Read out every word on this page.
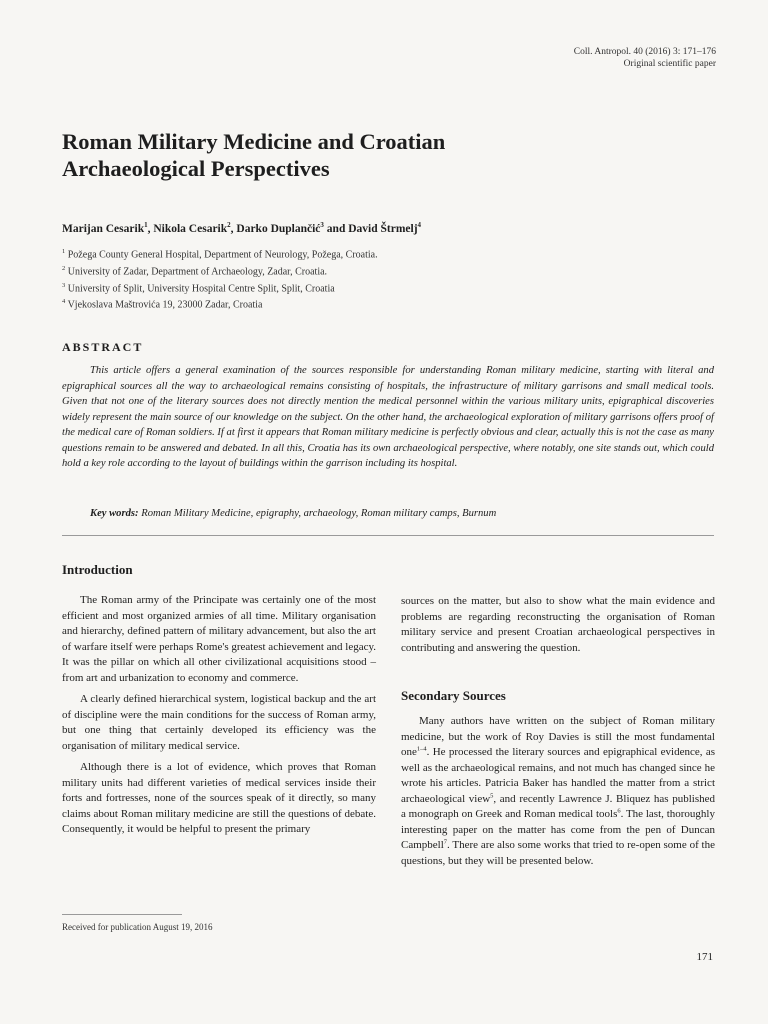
Coll. Antropol. 40 (2016) 3: 171–176
Original scientific paper
Roman Military Medicine and Croatian
Archaeological Perspectives
Marijan Cesarik$^1$, Nikola Cesarik$^2$, Darko Duplančić$^3$ and David Štrmelj$^4$
$^1$ Požega County General Hospital, Department of Neurology, Požega, Croatia.
$^2$ University of Zadar, Department of Archaeology, Zadar, Croatia.
$^3$ University of Split, University Hospital Centre Split, Split, Croatia
$^4$ Vjekoslava Maštrovića 19, 23000 Zadar, Croatia
ABSTRACT

This article offers a general examination of the sources responsible for understanding Roman military medicine, starting with literal and epigraphical sources all the way to archaeological remains consisting of hospitals, the infrastructure of military garrisons and small medical tools. Given that not one of the literary sources does not directly mention the medical personnel within the various military units, epigraphical discoveries widely represent the main source of our knowledge on the subject. On the other hand, the archaeological exploration of military garrisons offers proof of the medical care of Roman soldiers. If at first it appears that Roman military medicine is perfectly obvious and clear, actually this is not the case as many questions remain to be answered and debated. In all this, Croatia has its own archaeological perspective, where notably, one site stands out, which could hold a key role according to the layout of buildings within the garrison including its hospital.

Key words: Roman Military Medicine, epigraphy, archaeology, Roman military camps, Burnum
Introduction

The Roman army of the Principate was certainly one of the most efficient and most organized armies of all time. Military organisation and hierarchy, defined pattern of military advancement, but also the art of warfare itself were perhaps Rome's greatest achievement and legacy. It was the pillar on which all other civilizational acquisitions stood – from art and urbanization to economy and commerce.

A clearly defined hierarchical system, logistical backup and the art of discipline were the main conditions for the success of Roman army, but one thing that certainly developed its efficiency was the organisation of military medical service.

Although there is a lot of evidence, which proves that Roman military units had different varieties of medical services inside their forts and fortresses, none of the sources speak of it directly, so many claims about Roman military medicine are still the questions of debate. Consequently, it would be helpful to present the primary

sources on the matter, but also to show what the main evidence and problems are regarding reconstructing the organisation of Roman military service and present Croatian archaeological perspectives in contributing and answering the question.

Secondary Sources

Many authors have written on the subject of Roman military medicine, but the work of Roy Davies is still the most fundamental one$^{1-4}$. He processed the literary sources and epigraphical evidence, as well as the archaeological remains, and not much has changed since he wrote his articles. Patricia Baker has handled the matter from a strict archaeological view$^5$, and recently Lawrence J. Bliquez has published a monograph on Greek and Roman medical tools$^6$. The last, thoroughly interesting paper on the matter has come from the pen of Duncan Campbell$^7$. There are also some works that tried to re-open some of the questions, but they will be presented below.

Received for publication August 19, 2016
171
